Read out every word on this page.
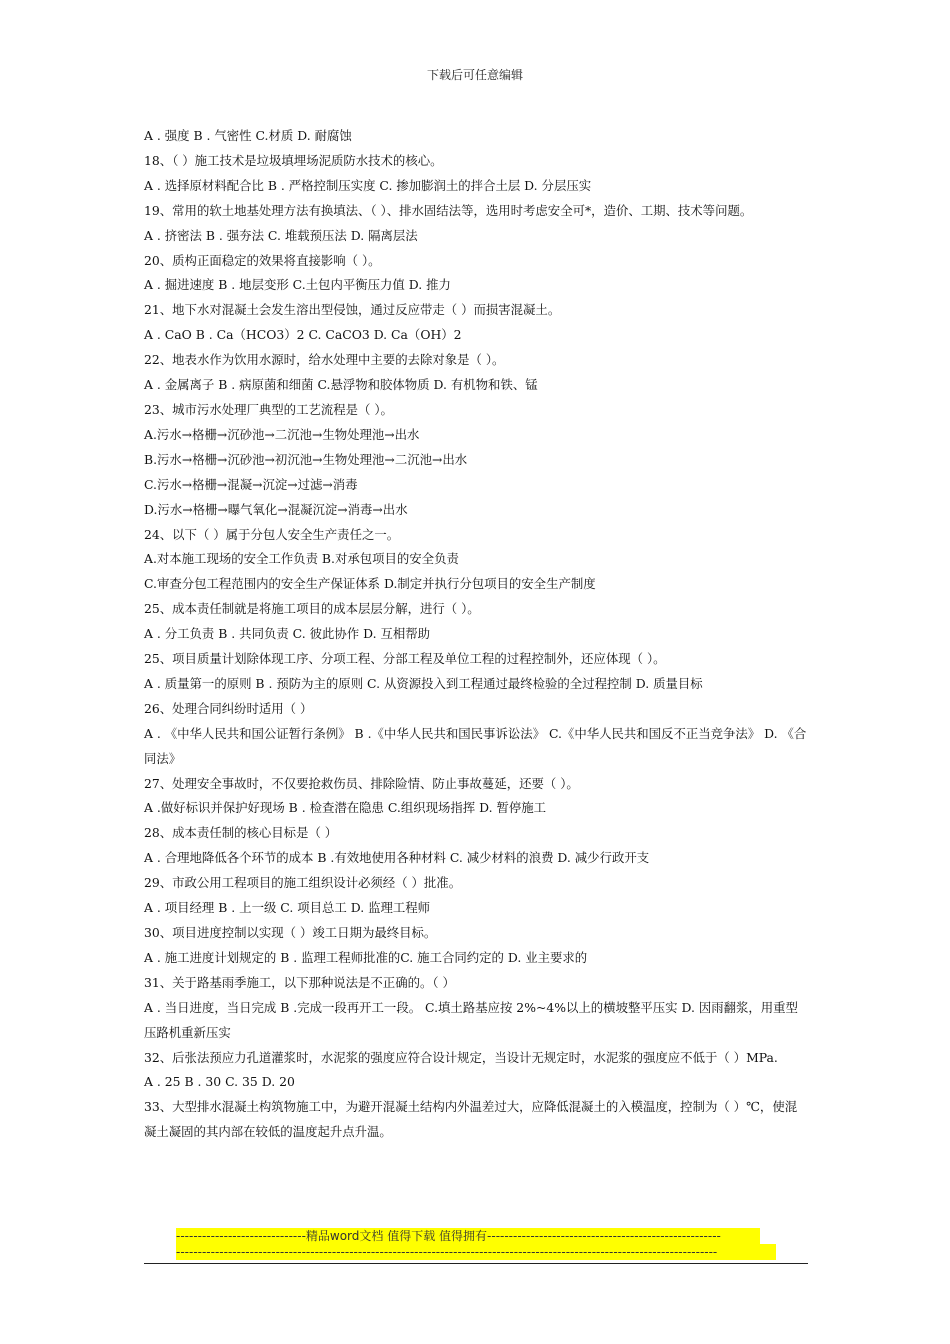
下载后可任意编辑

A . 强度 B . 气密性 C.材质 D. 耐腐蚀

18、（ ）施工技术是垃圾填埋场泥质防水技术的核心。

A . 选择原材料配合比 B . 严格控制压实度 C. 掺加膨润土的拌合土层 D. 分层压实

19、常用的软土地基处理方法有换填法、（ ）、排水固结法等，选用时考虑安全可*，造价、工期、技术等问题。

A . 挤密法 B . 强夯法 C. 堆载预压法 D. 隔离层法

20、质构正面稳定的效果将直接影响（ ）。

A . 掘进速度 B . 地层变形 C.土包内平衡压力值 D. 推力

21、地下水对混凝土会发生溶出型侵蚀，通过反应带走（ ）而损害混凝土。

A . CaO B . Ca（HCO3）2 C. CaCO3 D. Ca（OH）2

22、地表水作为饮用水源时，给水处理中主要的去除对象是（ ）。

A . 金属离子 B . 病原菌和细菌 C.悬浮物和胶体物质 D. 有机物和铁、锰

23、城市污水处理厂典型的工艺流程是（ ）。

A.污水→格栅→沉砂池→二沉池→生物处理池→出水

B.污水→格栅→沉砂池→初沉池→生物处理池→二沉池→出水

C.污水→格栅→混凝→沉淀→过滤→消毒

D.污水→格栅→曝气氧化→混凝沉淀→消毒→出水

24、以下（ ）属于分包人安全生产责任之一。

A.对本施工现场的安全工作负责 B.对承包项目的安全负责

C.审查分包工程范围内的安全生产保证体系 D.制定并执行分包项目的安全生产制度

25、成本责任制就是将施工项目的成本层层分解，进行（ ）。

A . 分工负责 B . 共同负责 C. 彼此协作 D. 互相帮助

25、项目质量计划除体现工序、分项工程、分部工程及单位工程的过程控制外，还应体现（ ）。

A . 质量第一的原则 B . 预防为主的原则 C. 从资源投入到工程通过最终检验的全过程控制 D. 质量目标

26、处理合同纠纷时适用（ ）

A . 《中华人民共和国公证暂行条例》 B .《中华人民共和国民事诉讼法》 C.《中华人民共和国反不正当竞争法》 D. 《合同法》

27、处理安全事故时，不仅要抢救伤员、排除险情、防止事故蔓延，还要（ ）。

A .做好标识并保护好现场 B . 检查潜在隐患 C.组织现场指挥 D. 暂停施工

28、成本责任制的核心目标是（ ）

A . 合理地降低各个环节的成本 B .有效地使用各种材料 C. 减少材料的浪费 D. 减少行政开支

29、市政公用工程项目的施工组织设计必须经（ ）批准。

A . 项目经理 B . 上一级 C. 项目总工 D. 监理工程师

30、项目进度控制以实现（ ）竣工日期为最终目标。

A . 施工进度计划规定的 B . 监理工程师批准的C. 施工合同约定的 D. 业主要求的

31、关于路基雨季施工，以下那种说法是不正确的。（ ）

A . 当日进度，当日完成 B .完成一段再开工一段。 C.填土路基应按 2%~4%以上的横坡整平压实 D. 因雨翻浆，用重型压路机重新压实

32、后张法预应力孔道灌浆时，水泥浆的强度应符合设计规定，当设计无规定时，水泥浆的强度应不低于（ ）MPa.

A . 25 B . 30 C. 35 D. 20

33、大型排水混凝土构筑物施工中，为避开混凝土结构内外温差过大，应降低混凝土的入模温度，控制为（ ）℃，使混凝土凝固的其内部在较低的温度起升点升温。

------------------------------精品word文档 值得下载 值得拥有------------------------------------------------------
-----------------------------------------------------------------------------------------------------------------------------
